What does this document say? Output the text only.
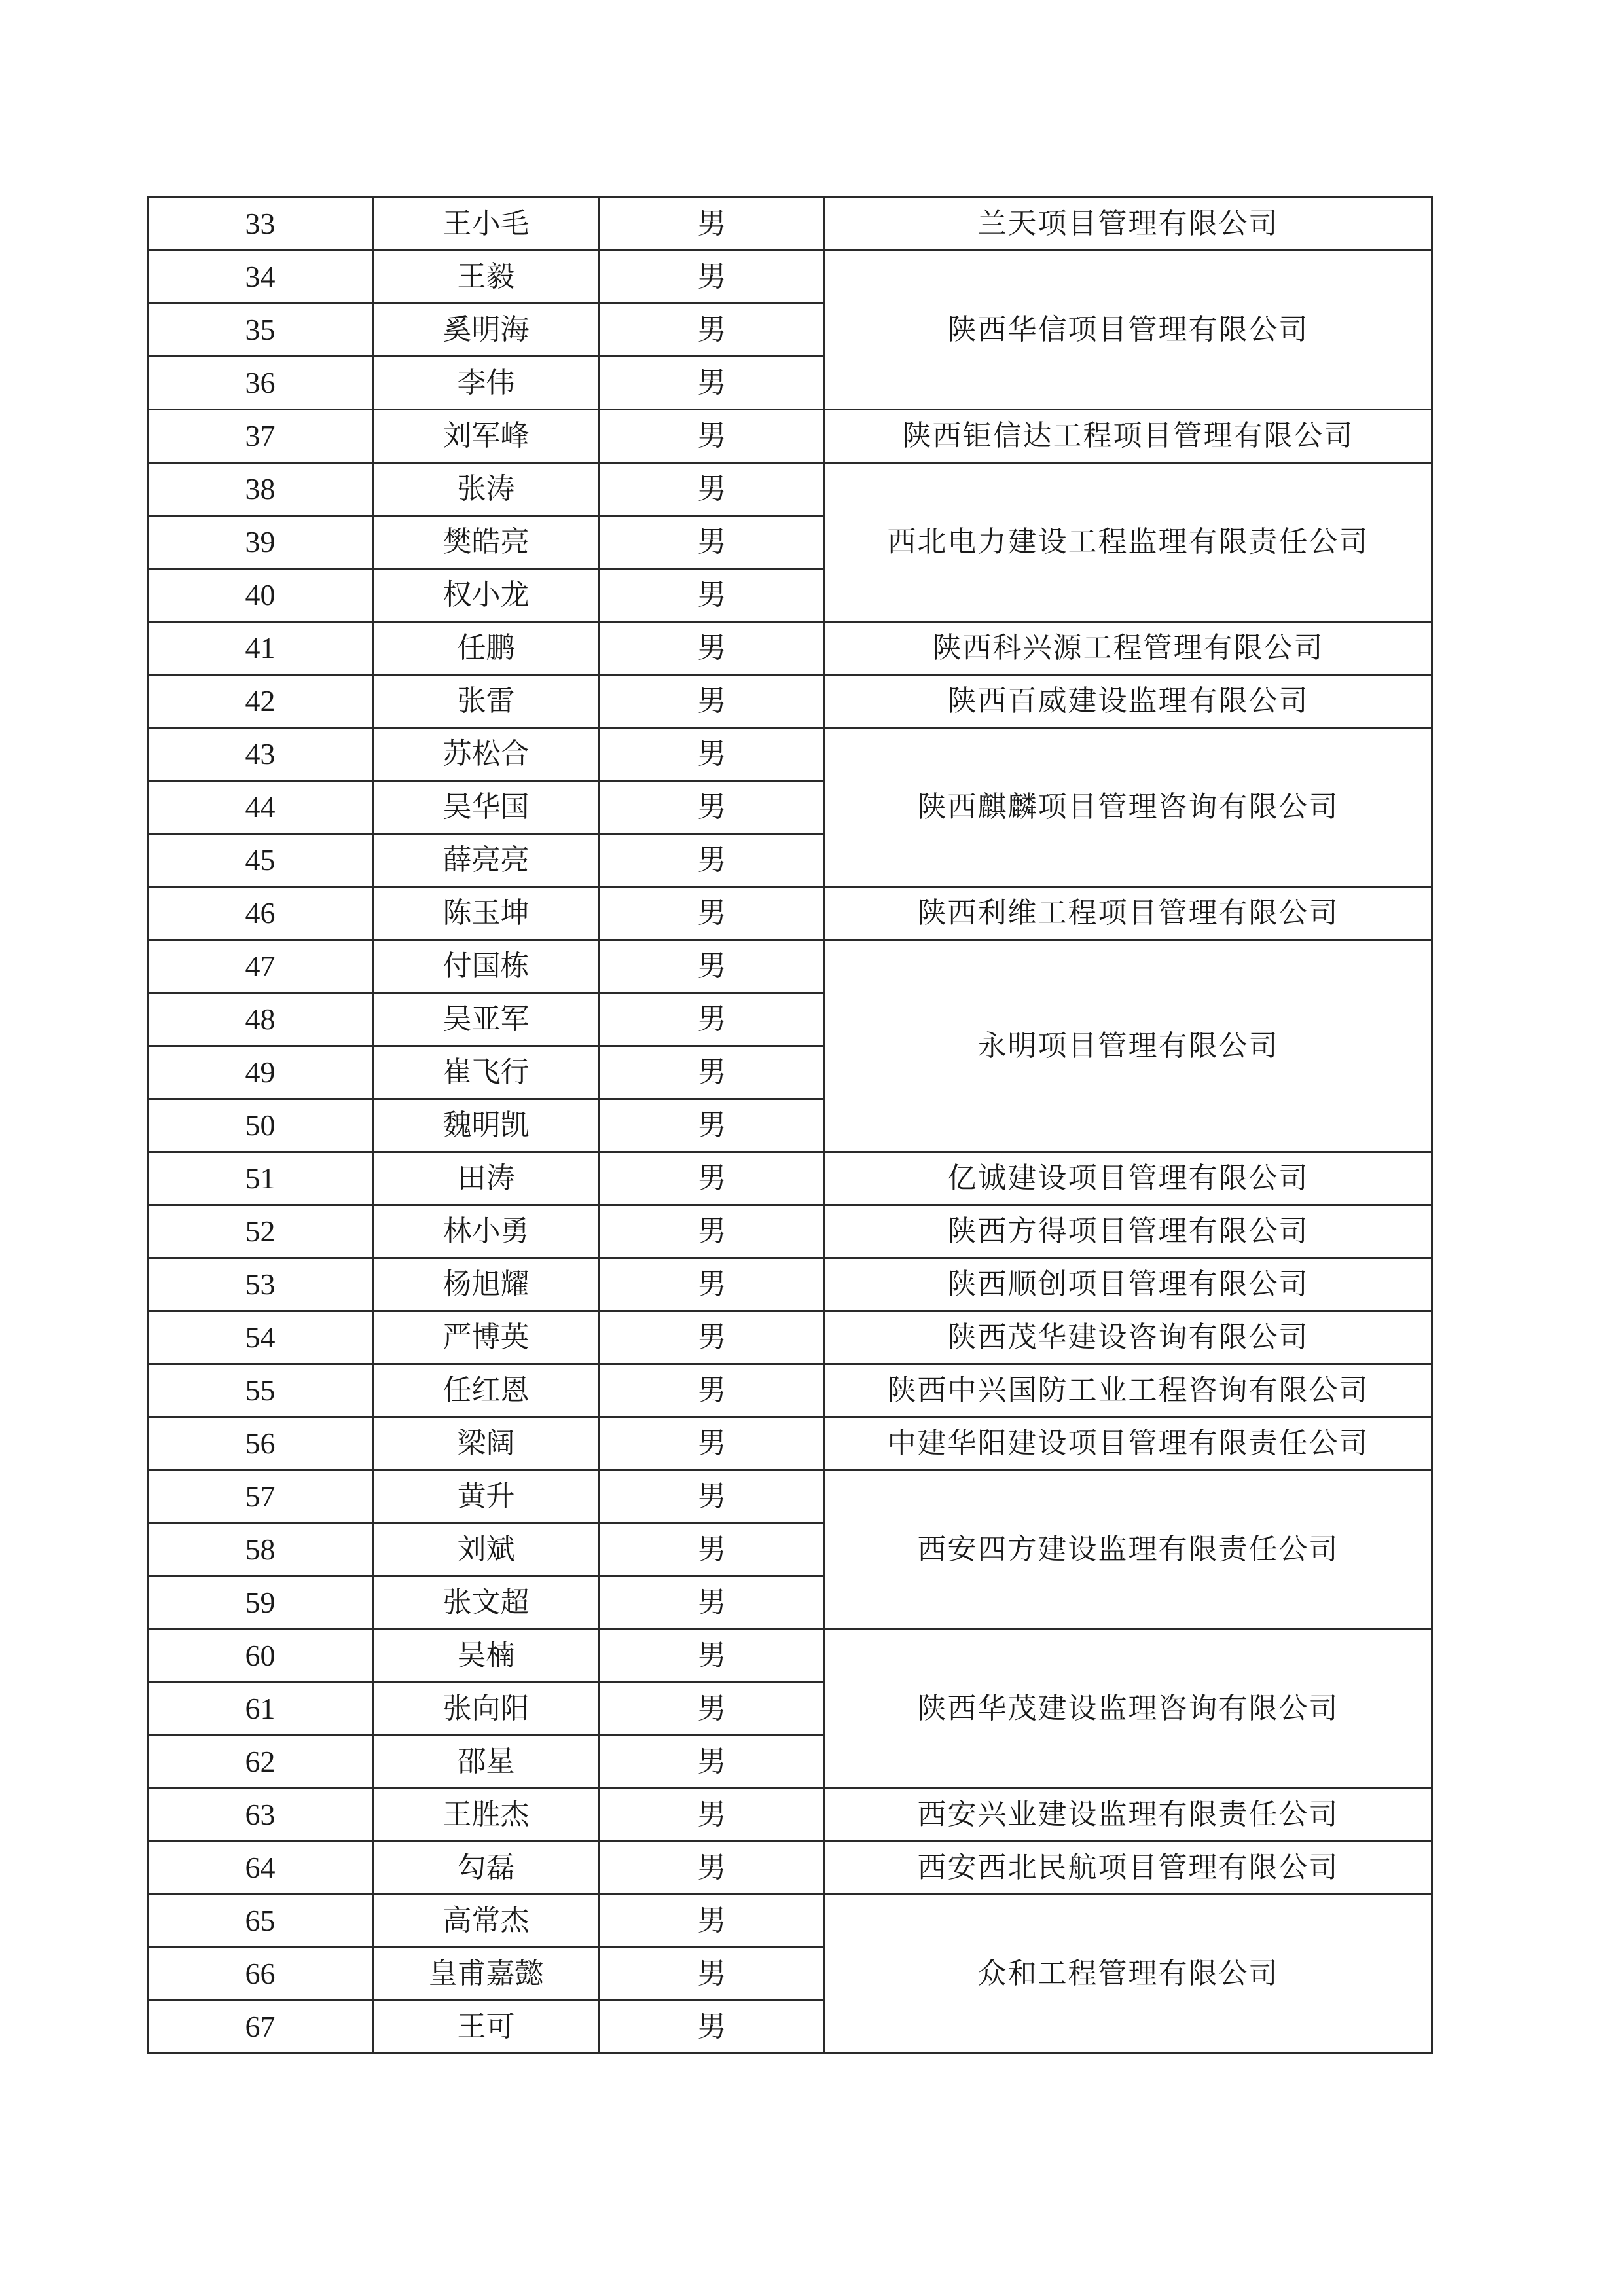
33	王小毛	男	兰天项目管理有限公司
34	王毅	男	陕西华信项目管理有限公司
35	奚明海	男	
36	李伟	男	
37	刘军峰	男	陕西钜信达工程项目管理有限公司
38	张涛	男	西北电力建设工程监理有限责任公司
39	樊皓亮	男	
40	权小龙	男	
41	任鹏	男	陕西科兴源工程管理有限公司
42	张雷	男	陕西百威建设监理有限公司
43	苏松合	男	陕西麒麟项目管理咨询有限公司
44	吴华国	男	
45	薛亮亮	男	
46	陈玉坤	男	陕西利维工程项目管理有限公司
47	付国栋	男	永明项目管理有限公司
48	吴亚军	男	
49	崔飞行	男	
50	魏明凯	男	
51	田涛	男	亿诚建设项目管理有限公司
52	林小勇	男	陕西方得项目管理有限公司
53	杨旭耀	男	陕西顺创项目管理有限公司
54	严博英	男	陕西茂华建设咨询有限公司
55	任红恩	男	陕西中兴国防工业工程咨询有限公司
56	梁阔	男	中建华阳建设项目管理有限责任公司
57	黄升	男	西安四方建设监理有限责任公司
58	刘斌	男	
59	张文超	男	
60	吴楠	男	陕西华茂建设监理咨询有限公司
61	张向阳	男	
62	邵星	男	
63	王胜杰	男	西安兴业建设监理有限责任公司
64	勾磊	男	西安西北民航项目管理有限公司
65	高常杰	男	众和工程管理有限公司
66	皇甫嘉懿	男	
67	王可	男	
